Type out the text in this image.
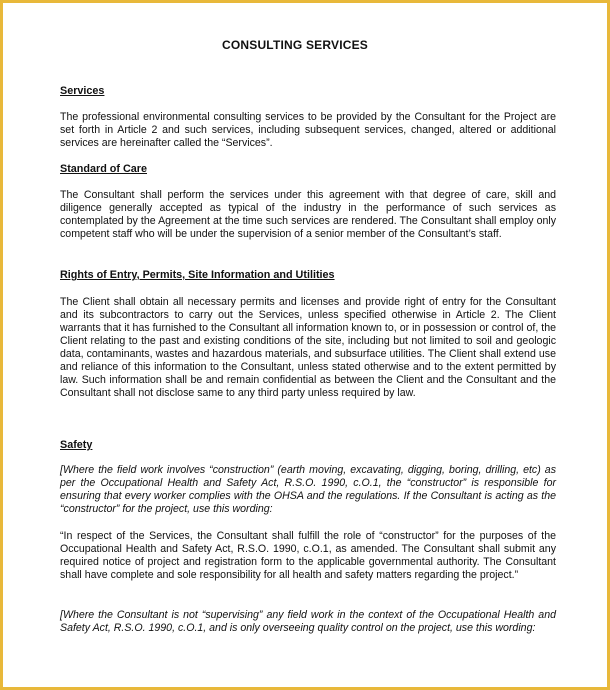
CONSULTING SERVICES
Services
The professional environmental consulting services to be provided by the Consultant for the Project are set forth in Article 2 and such services, including subsequent services, changed, altered or additional services are hereinafter called the “Services”.
Standard of Care
The Consultant shall perform the services under this agreement with that degree of care, skill and diligence generally accepted as typical of the industry in the performance of such services as contemplated by the Agreement at the time such services are rendered. The Consultant shall employ only competent staff who will be under the supervision of a senior member of the Consultant’s staff.
Rights of Entry, Permits, Site Information and Utilities
The Client shall obtain all necessary permits and licenses and provide right of entry for the Consultant and its subcontractors to carry out the Services, unless specified otherwise in Article 2. The Client warrants that it has furnished to the Consultant all information known to, or in possession or control of, the Client relating to the past and existing conditions of the site, including but not limited to soil and geologic data, contaminants, wastes and hazardous materials, and subsurface utilities. The Client shall extend use and reliance of this information to the Consultant, unless stated otherwise and to the extent permitted by law. Such information shall be and remain confidential as between the Client and the Consultant and the Consultant shall not disclose same to any third party unless required by law.
Safety
[Where the field work involves “construction” (earth moving, excavating, digging, boring, drilling, etc) as per the Occupational Health and Safety Act, R.S.O. 1990, c.O.1, the “constructor” is responsible for ensuring that every worker complies with the OHSA and the regulations. If the Consultant is acting as the “constructor” for the project, use this wording:
“In respect of the Services, the Consultant shall fulfill the role of “constructor” for the purposes of the Occupational Health and Safety Act, R.S.O. 1990, c.O.1, as amended. The Consultant shall submit any required notice of project and registration form to the applicable governmental authority. The Consultant shall have complete and sole responsibility for all health and safety matters regarding the project.”
[Where the Consultant is not “supervising” any field work in the context of the Occupational Health and Safety Act, R.S.O. 1990, c.O.1, and is only overseeing quality control on the project, use this wording:
